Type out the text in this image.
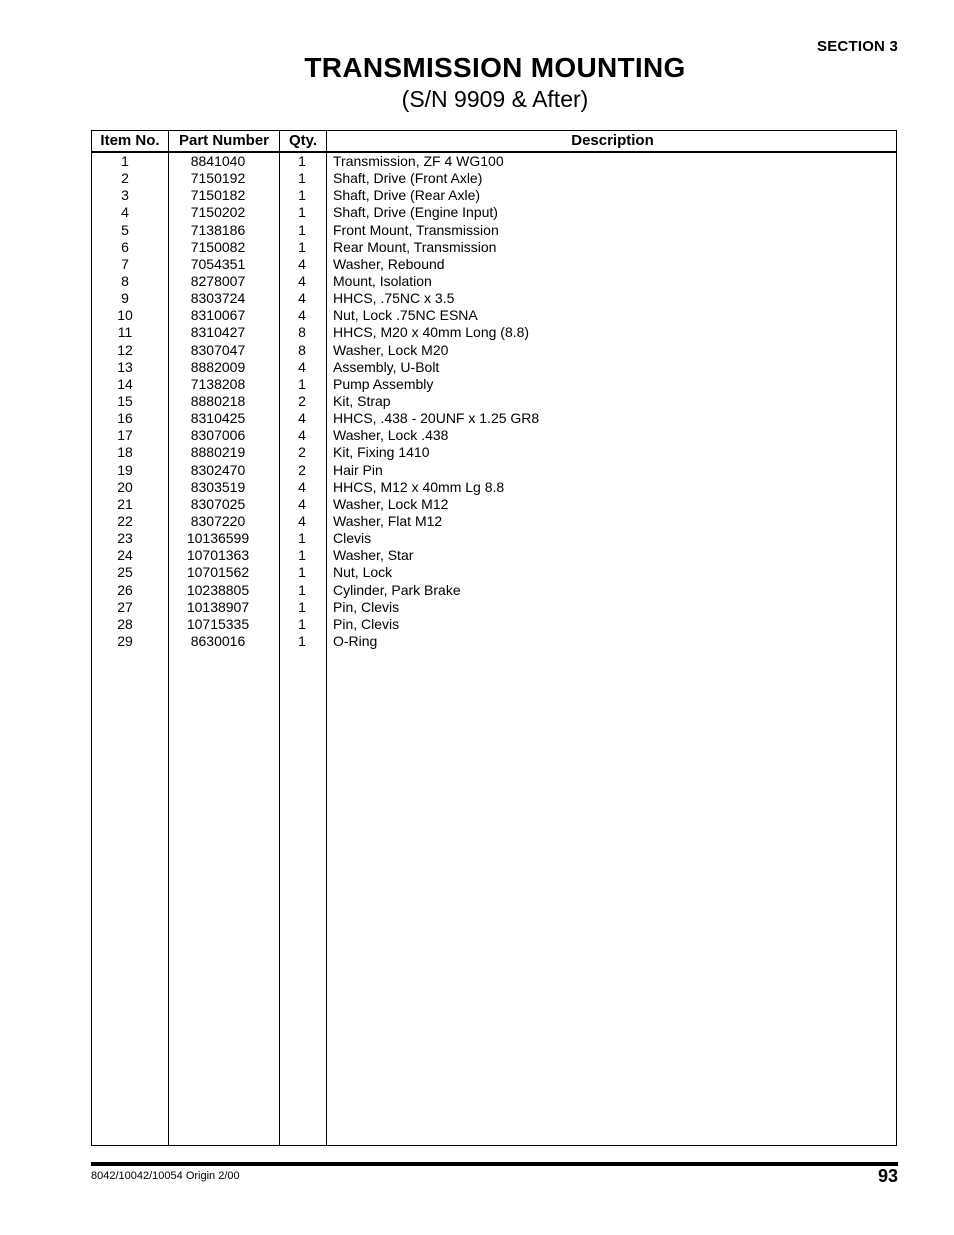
SECTION 3
TRANSMISSION MOUNTING
(S/N 9909 & After)
Item No.	Part Number	Qty.	Description
1	8841040	1	Transmission, ZF 4 WG100
2	7150192	1	Shaft, Drive (Front Axle)
3	7150182	1	Shaft, Drive (Rear Axle)
4	7150202	1	Shaft, Drive (Engine Input)
5	7138186	1	Front Mount, Transmission
6	7150082	1	Rear Mount, Transmission
7	7054351	4	Washer, Rebound
8	8278007	4	Mount, Isolation
9	8303724	4	HHCS, .75NC x 3.5
10	8310067	4	Nut, Lock .75NC ESNA
11	8310427	8	HHCS, M20 x 40mm Long (8.8)
12	8307047	8	Washer, Lock M20
13	8882009	4	Assembly, U-Bolt
14	7138208	1	Pump Assembly
15	8880218	2	Kit, Strap
16	8310425	4	HHCS, .438 - 20UNF x 1.25 GR8
17	8307006	4	Washer, Lock .438
18	8880219	2	Kit, Fixing 1410
19	8302470	2	Hair Pin
20	8303519	4	HHCS, M12 x 40mm Lg 8.8
21	8307025	4	Washer, Lock M12
22	8307220	4	Washer, Flat M12
23	10136599	1	Clevis
24	10701363	1	Washer, Star
25	10701562	1	Nut, Lock
26	10238805	1	Cylinder, Park Brake
27	10138907	1	Pin, Clevis
28	10715335	1	Pin, Clevis
29	8630016	1	O-Ring
8042/10042/10054 Origin 2/00	93
